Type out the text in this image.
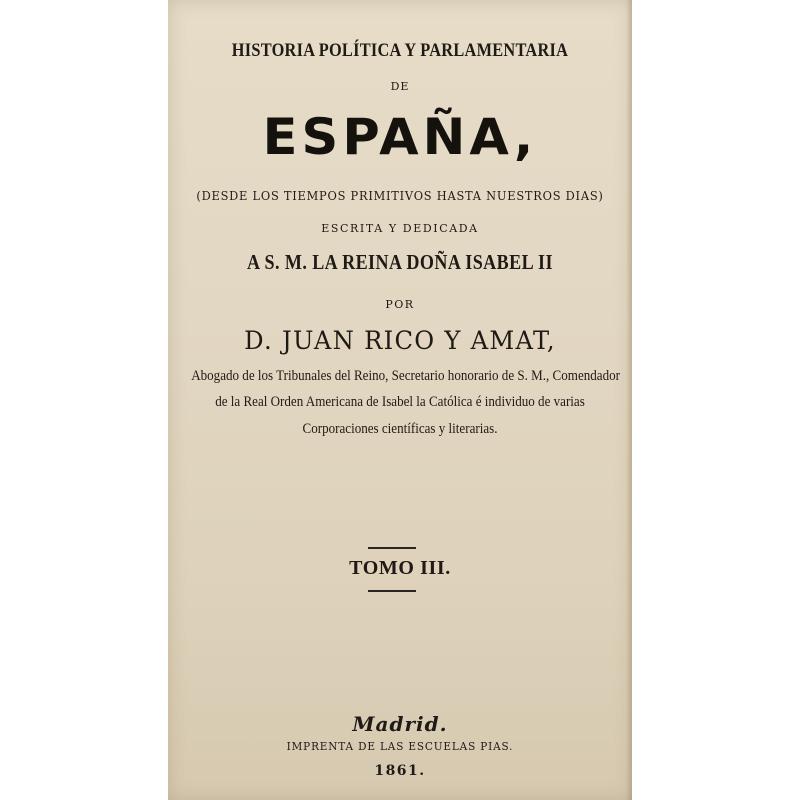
HISTORIA POLÍTICA Y PARLAMENTARIA

DE

ESPAÑA,

(DESDE LOS TIEMPOS PRIMITIVOS HASTA NUESTROS DIAS)

ESCRITA Y DEDICADA

A S. M. LA REINA DOÑA ISABEL II

POR

D. JUAN RICO Y AMAT,

Abogado de los Tribunales del Reino, Secretario honorario de S. M., Comendador

de la Real Orden Americana de Isabel la Católica é individuo de varias

Corporaciones científicas y literarias.

TOMO III.

Madrid.

IMPRENTA DE LAS ESCUELAS PIAS.

1861.
